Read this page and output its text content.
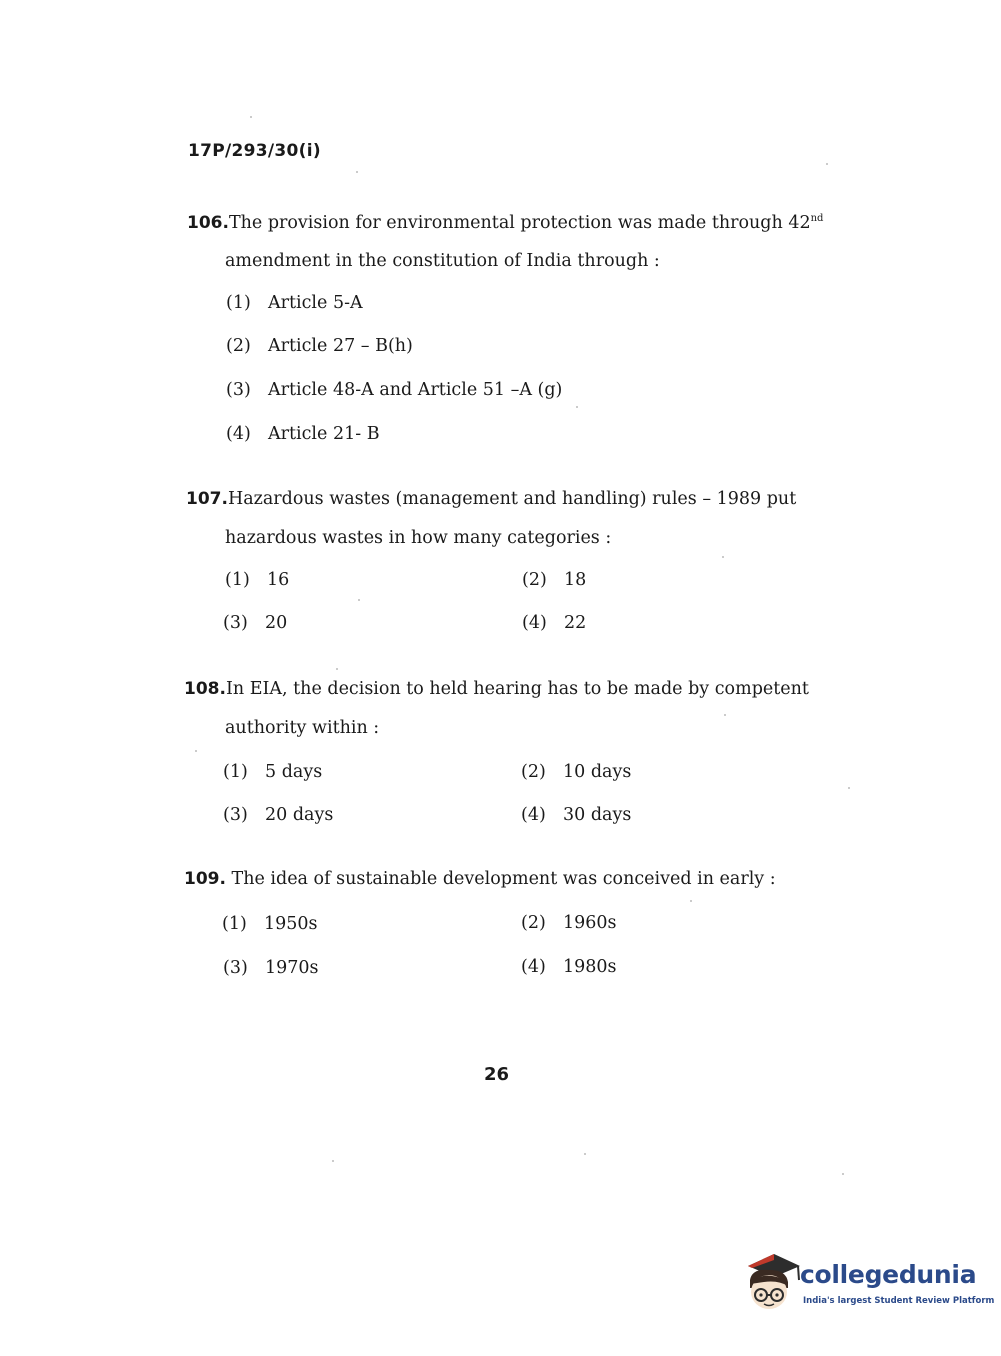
17P/293/30(i)
106.The provision for environmental protection was made through 42nd
amendment in the constitution of India through :
(1) Article 5-A
(2) Article 27 – B(h)
(3) Article 48-A and Article 51 –A (g)
(4) Article 21- B
107.Hazardous wastes (management and handling) rules – 1989 put
hazardous wastes in how many categories :
(1) 16	(2) 18
(3) 20	(4) 22
108.In EIA, the decision to held hearing has to be made by competent
authority within :
(1) 5 days	(2) 10 days
(3) 20 days	(4) 30 days
109. The idea of sustainable development was conceived in early :
(1) 1950s	(2) 1960s
(3) 1970s	(4) 1980s
26
collegedunia
India's largest Student Review Platform
